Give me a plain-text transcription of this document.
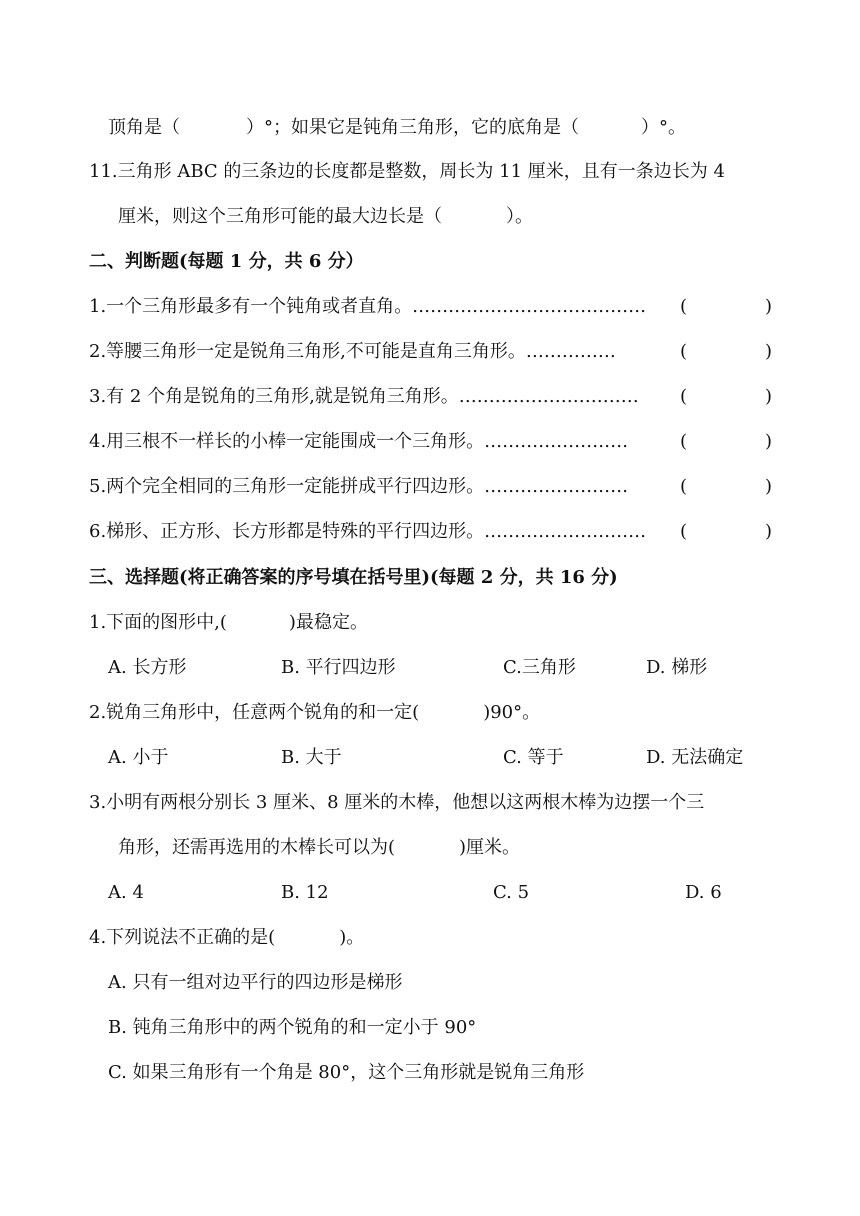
顶角是（	）°；如果它是钝角三角形，它的底角是（	）°。
11.三角形 ABC 的三条边的长度都是整数，周长为 11 厘米，且有一条边长为 4
厘米，则这个三角形可能的最大边长是（	）。
二、判断题(每题 1 分，共 6 分）
1.一个三角形最多有一个钝角或者直角。………………………………… (	)
2.等腰三角形一定是锐角三角形,不可能是直角三角形。……………	(	)
3.有 2 个角是锐角的三角形,就是锐角三角形。………………………… (	)
4.用三根不一样长的小棒一定能围成一个三角形。……………………	(	)
5.两个完全相同的三角形一定能拼成平行四边形。……………………	(	)
6.梯形、正方形、长方形都是特殊的平行四边形。……………………… (	)
三、选择题(将正确答案的序号填在括号里)(每题 2 分，共 16 分)
1.下面的图形中,(	)最稳定。
A. 长方形	B. 平行四边形	C.三角形	D. 梯形
2.锐角三角形中，任意两个锐角的和一定(	)90°。
A. 小于	B. 大于	C. 等于	D. 无法确定
3.小明有两根分别长 3 厘米、8 厘米的木棒，他想以这两根木棒为边摆一个三
角形，还需再选用的木棒长可以为(	)厘米。
A. 4	B. 12	C. 5	D. 6
4.下列说法不正确的是(	)。
A. 只有一组对边平行的四边形是梯形
B. 钝角三角形中的两个锐角的和一定小于 90°
C. 如果三角形有一个角是 80°，这个三角形就是锐角三角形
